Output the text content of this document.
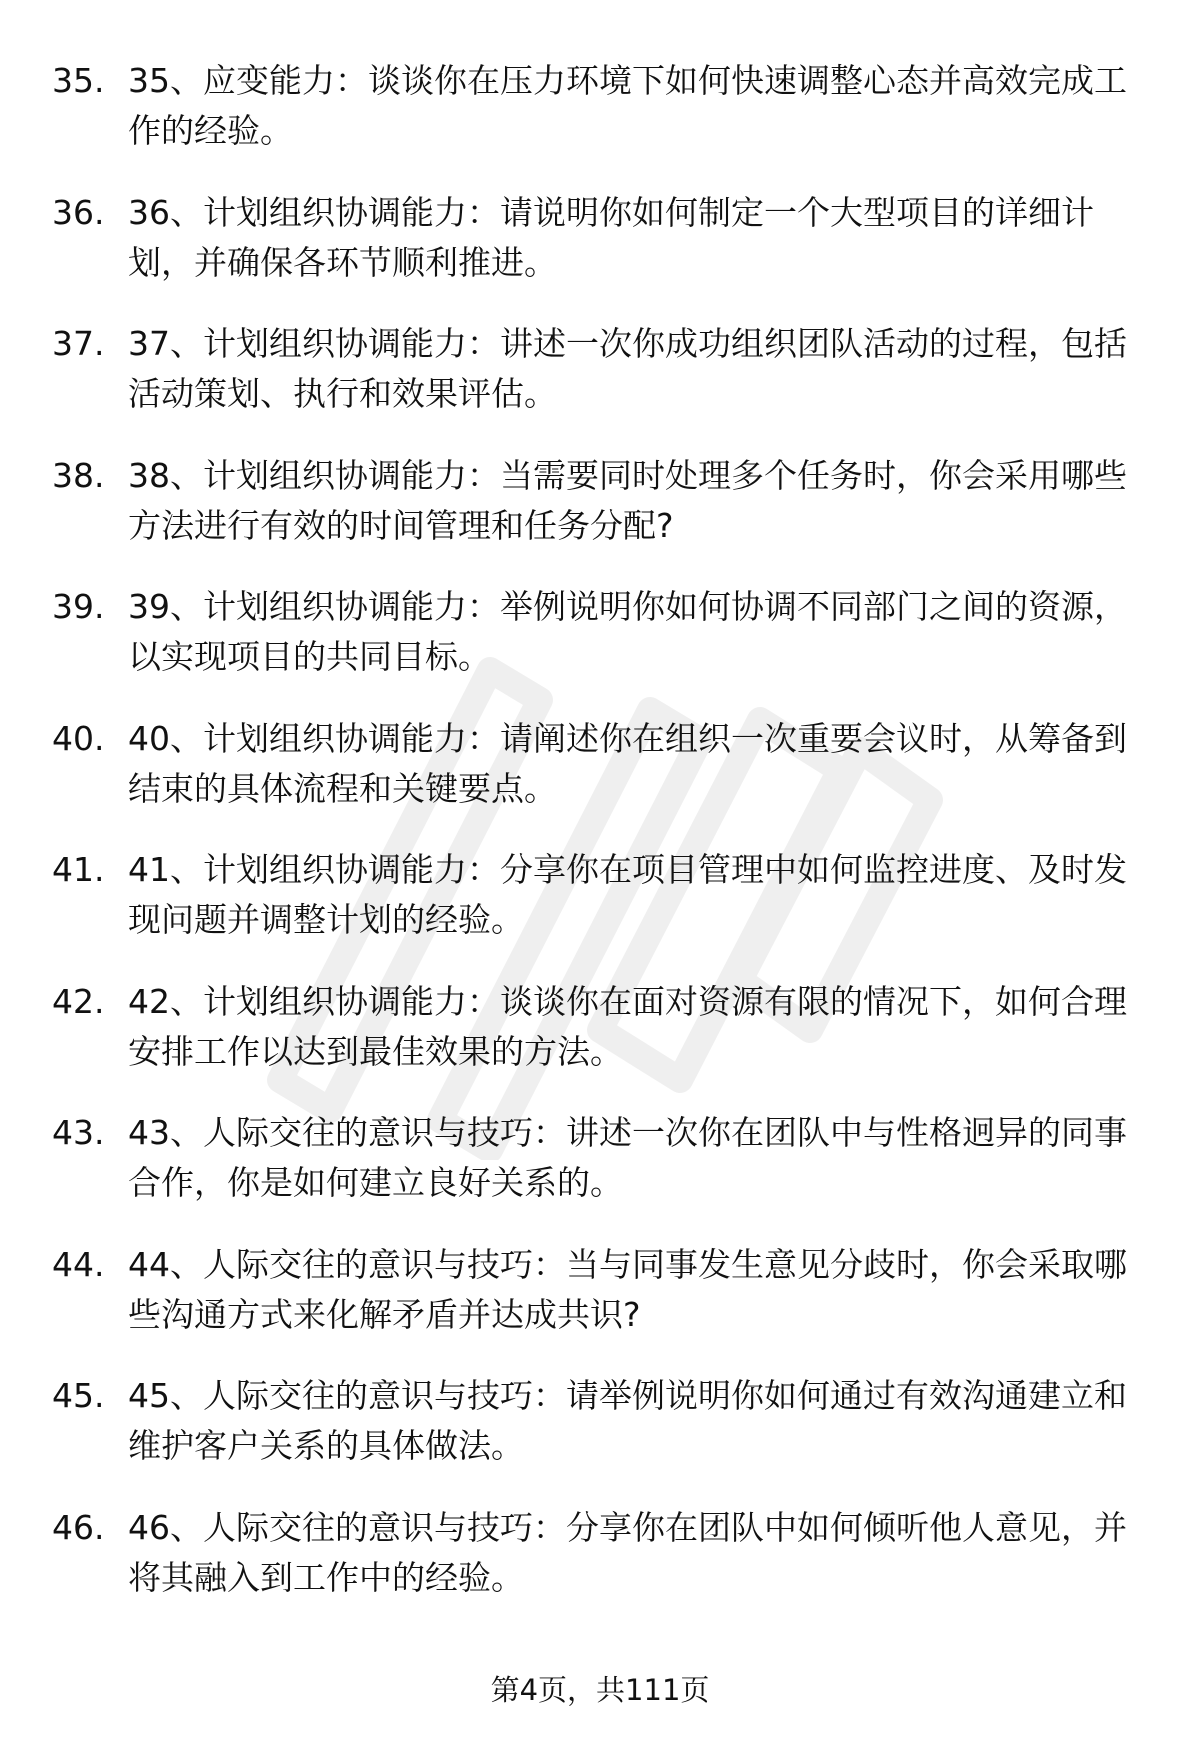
35. 35、应变能力：谈谈你在压力环境下如何快速调整心态并高效完成工作的经验。
36. 36、计划组织协调能力：请说明你如何制定一个大型项目的详细计划，并确保各环节顺利推进。
37. 37、计划组织协调能力：讲述一次你成功组织团队活动的过程，包括活动策划、执行和效果评估。
38. 38、计划组织协调能力：当需要同时处理多个任务时，你会采用哪些方法进行有效的时间管理和任务分配?
39. 39、计划组织协调能力：举例说明你如何协调不同部门之间的资源，以实现项目的共同目标。
40. 40、计划组织协调能力：请阐述你在组织一次重要会议时，从筹备到结束的具体流程和关键要点。
41. 41、计划组织协调能力：分享你在项目管理中如何监控进度、及时发现问题并调整计划的经验。
42. 42、计划组织协调能力：谈谈你在面对资源有限的情况下，如何合理安排工作以达到最佳效果的方法。
43. 43、人际交往的意识与技巧：讲述一次你在团队中与性格迥异的同事合作，你是如何建立良好关系的。
44. 44、人际交往的意识与技巧：当与同事发生意见分歧时，你会采取哪些沟通方式来化解矛盾并达成共识?
45. 45、人际交往的意识与技巧：请举例说明你如何通过有效沟通建立和维护客户关系的具体做法。
46. 46、人际交往的意识与技巧：分享你在团队中如何倾听他人意见，并将其融入到工作中的经验。
第4页，共111页
